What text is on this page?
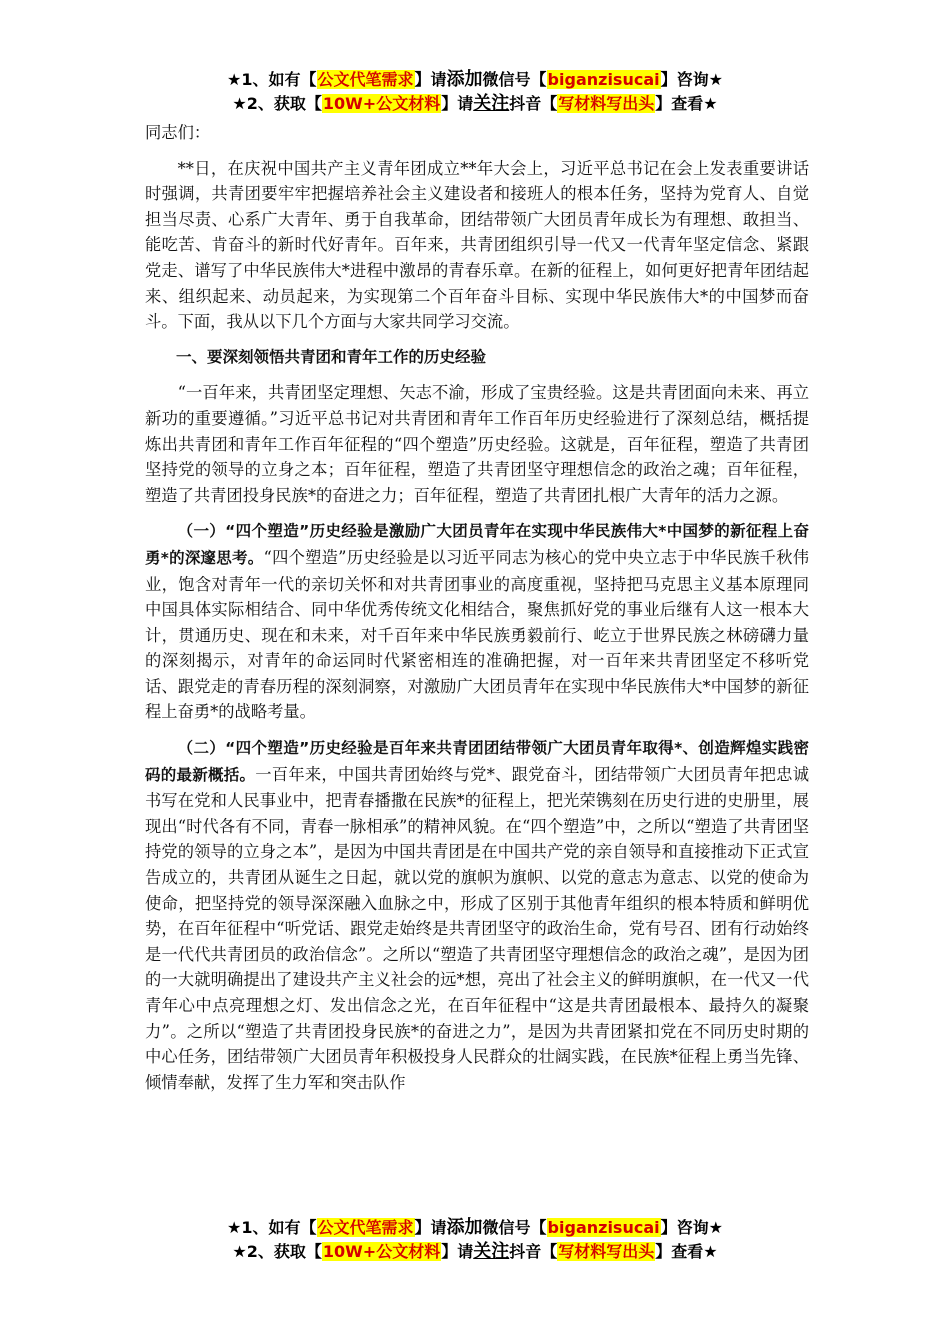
★1、如有【公文代笔需求】请添加微信号【biganzisucai】咨询★
★2、获取【10W+公文材料】请关注抖音【写材料写出头】查看★

同志们：

**日，在庆祝中国共产主义青年团成立**年大会上，习近平总书记在会上发表重要讲话时强调，共青团要牢牢把握培养社会主义建设者和接班人的根本任务，坚持为党育人、自觉担当尽责、心系广大青年、勇于自我革命，团结带领广大团员青年成长为有理想、敢担当、能吃苦、肯奋斗的新时代好青年。百年来，共青团组织引导一代又一代青年坚定信念、紧跟党走、谱写了中华民族伟大*进程中激昂的青春乐章。在新的征程上，如何更好把青年团结起来、组织起来、动员起来，为实现第二个百年奋斗目标、实现中华民族伟大*的中国梦而奋斗。下面，我从以下几个方面与大家共同学习交流。

一、要深刻领悟共青团和青年工作的历史经验

“一百年来，共青团坚定理想、矢志不渝，形成了宝贵经验。这是共青团面向未来、再立新功的重要遵循。”习近平总书记对共青团和青年工作百年历史经验进行了深刻总结，概括提炼出共青团和青年工作百年征程的“四个塑造”历史经验。这就是，百年征程，塑造了共青团坚持党的领导的立身之本；百年征程，塑造了共青团坚守理想信念的政治之魂；百年征程，塑造了共青团投身民族*的奋进之力；百年征程，塑造了共青团扎根广大青年的活力之源。

（一）“四个塑造”历史经验是激励广大团员青年在实现中华民族伟大*中国梦的新征程上奋勇*的深邃思考。“四个塑造”历史经验是以习近平同志为核心的党中央立志于中华民族千秋伟业，饱含对青年一代的亲切关怀和对共青团事业的高度重视，坚持把马克思主义基本原理同中国具体实际相结合、同中华优秀传统文化相结合，聚焦抓好党的事业后继有人这一根本大计，贯通历史、现在和未来，对千百年来中华民族勇毅前行、屹立于世界民族之林磅礴力量的深刻揭示，对青年的命运同时代紧密相连的准确把握，对一百年来共青团坚定不移听党话、跟党走的青春历程的深刻洞察，对激励广大团员青年在实现中华民族伟大*中国梦的新征程上奋勇*的战略考量。

（二）“四个塑造”历史经验是百年来共青团团结带领广大团员青年取得*、创造辉煌实践密码的最新概括。一百年来，中国共青团始终与党*、跟党奋斗，团结带领广大团员青年把忠诚书写在党和人民事业中，把青春播撒在民族*的征程上，把光荣镌刻在历史行进的史册里，展现出“时代各有不同，青春一脉相承”的精神风貌。在“四个塑造”中，之所以“塑造了共青团坚持党的领导的立身之本”，是因为中国共青团是在中国共产党的亲自领导和直接推动下正式宣告成立的，共青团从诞生之日起，就以党的旗帜为旗帜、以党的意志为意志、以党的使命为使命，把坚持党的领导深深融入血脉之中，形成了区别于其他青年组织的根本特质和鲜明优势，在百年征程中“听党话、跟党走始终是共青团坚守的政治生命，党有号召、团有行动始终是一代代共青团员的政治信念”。之所以“塑造了共青团坚守理想信念的政治之魂”，是因为团的一大就明确提出了建设共产主义社会的远*想，亮出了社会主义的鲜明旗帜，在一代又一代青年心中点亮理想之灯、发出信念之光，在百年征程中“这是共青团最根本、最持久的凝聚力”。之所以“塑造了共青团投身民族*的奋进之力”，是因为共青团紧扣党在不同历史时期的中心任务，团结带领广大团员青年积极投身人民群众的壮阔实践，在民族*征程上勇当先锋、倾情奉献，发挥了生力军和突击队作

★1、如有【公文代笔需求】请添加微信号【biganzisucai】咨询★
★2、获取【10W+公文材料】请关注抖音【写材料写出头】查看★
